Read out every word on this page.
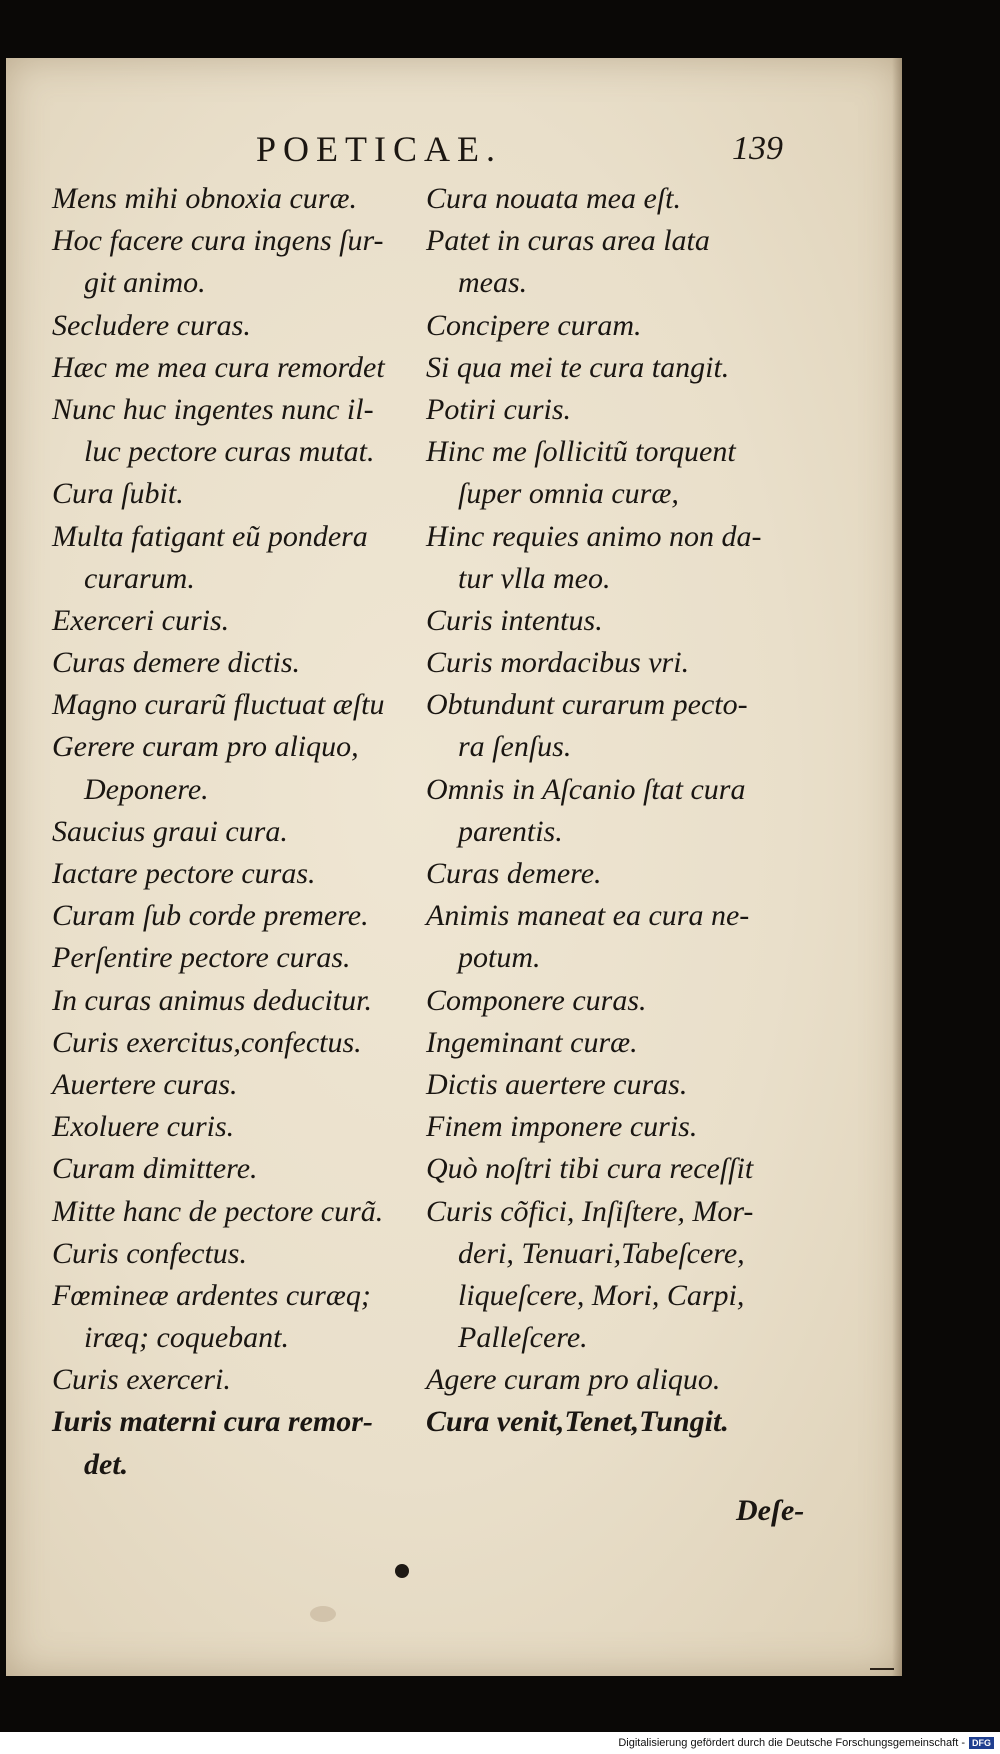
POETICAE.	139
Mens mihi obnoxia curæ.
Hoc facere cura ingens ſur-
git animo.
Secludere curas.
Hæc me mea cura remordet
Nunc huc ingentes nunc il-
luc pectore curas mutat.
Cura ſubit.
Multa fatigant eũ pondera
curarum.
Exerceri curis.
Curas demere dictis.
Magno curarũ fluctuat æſtu
Gerere curam pro aliquo,
Deponere.
Saucius graui cura.
Iactare pectore curas.
Curam ſub corde premere.
Perſentire pectore curas.
In curas animus deducitur.
Curis exercitus,confectus.
Auertere curas.
Exoluere curis.
Curam dimittere.
Mitte hanc de pectore curã.
Curis confectus.
Fœmineæ ardentes curæq;
iræq; coquebant.
Curis exerceri.
Iuris materni cura remor-
det.
Cura nouata mea eſt.
Patet in curas area lata
meas.
Concipere curam.
Si qua mei te cura tangit.
Potiri curis.
Hinc me ſollicitũ torquent
ſuper omnia curæ,
Hinc requies animo non da-
tur vlla meo.
Curis intentus.
Curis mordacibus vri.
Obtundunt curarum pecto-
ra ſenſus.
Omnis in Aſcanio ſtat cura
parentis.
Curas demere.
Animis maneat ea cura ne-
potum.
Componere curas.
Ingeminant curæ.
Dictis auertere curas.
Finem imponere curis.
Quò noſtri tibi cura receſſit
Curis cõfici, Inſiſtere, Mor-
deri, Tenuari,Tabeſcere,
liqueſcere, Mori, Carpi,
Palleſcere.
Agere curam pro aliquo.
Cura venit,Tenet,Tungit.
Deſe-
Digitalisierung gefördert durch die Deutsche Forschungsgemeinschaft - DFG
